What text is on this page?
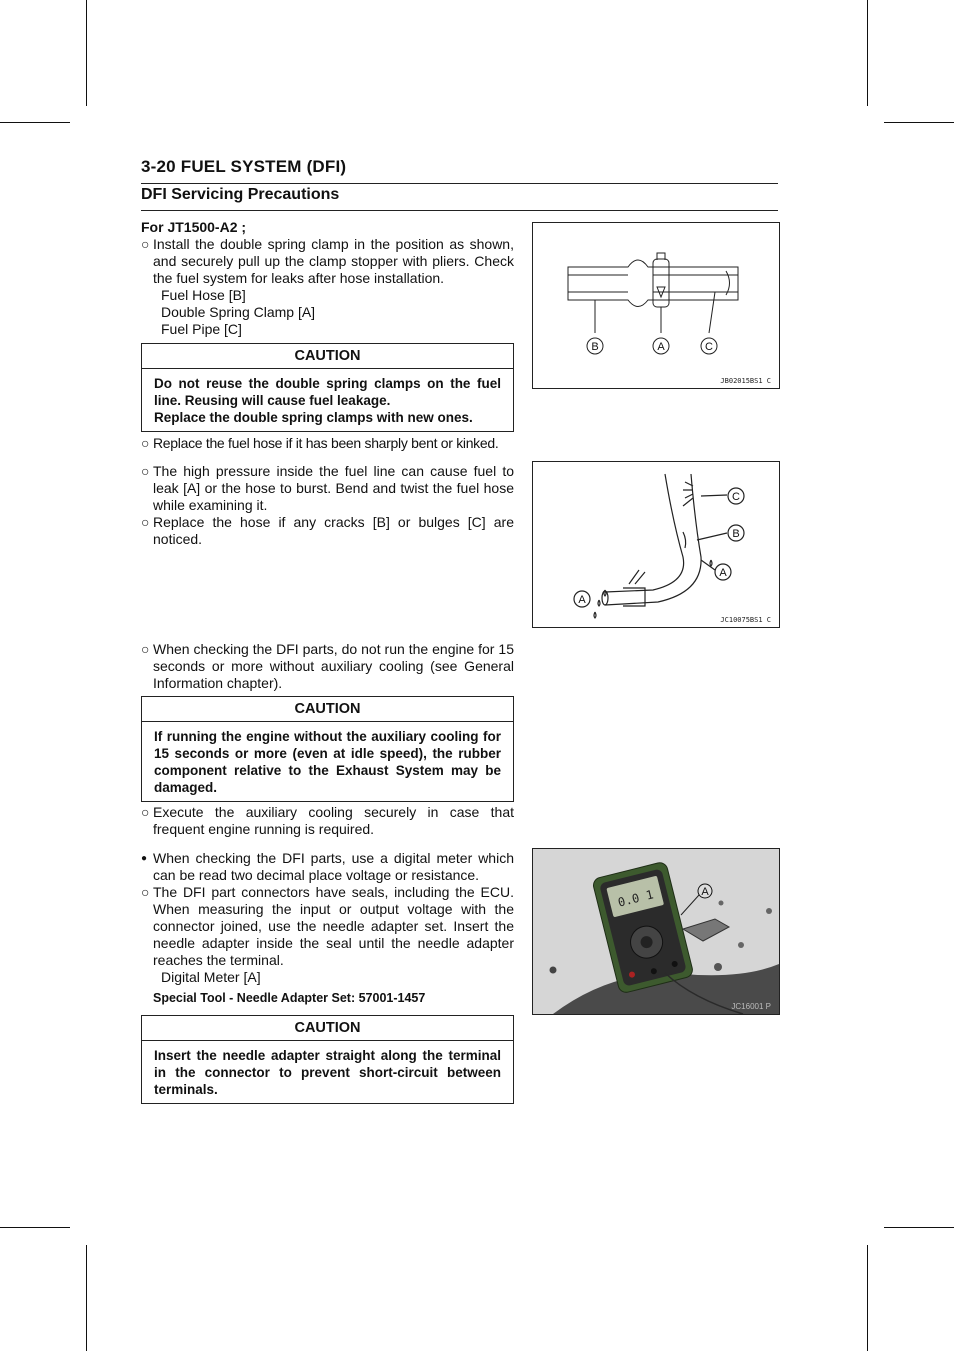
3-20 FUEL SYSTEM (DFI)
DFI Servicing Precautions
For JT1500-A2 ;
○ Install the double spring clamp in the position as shown, and securely pull up the clamp stopper with pliers. Check the fuel system for leaks after hose installation.
Fuel Hose [B]
Double Spring Clamp [A]
Fuel Pipe [C]
CAUTION
Do not reuse the double spring clamps on the fuel line. Reusing will cause fuel leakage.
Replace the double spring clamps with new ones.
○ Replace the fuel hose if it has been sharply bent or kinked.
○ The high pressure inside the fuel line can cause fuel to leak [A] or the hose to burst. Bend and twist the fuel hose while examining it.
○ Replace the hose if any cracks [B] or bulges [C] are noticed.
○ When checking the DFI parts, do not run the engine for 15 seconds or more without auxiliary cooling (see General Information chapter).
CAUTION
If running the engine without the auxiliary cooling for 15 seconds or more (even at idle speed), the rubber component relative to the Exhaust System may be damaged.
○ Execute the auxiliary cooling securely in case that frequent engine running is required.
● When checking the DFI parts, use a digital meter which can be read two decimal place voltage or resistance.
○ The DFI part connectors have seals, including the ECU. When measuring the input or output voltage with the connector joined, use the needle adapter set. Insert the needle adapter inside the seal until the needle adapter reaches the terminal.
Digital Meter [A]
Special Tool - Needle Adapter Set: 57001-1457
CAUTION
Insert the needle adapter straight along the terminal in the connector to prevent short-circuit between terminals.
B	A	C
JB02015BS1 C
C
B
A
A
JC10075BS1 C
0.0 1	A
JC16001 P
